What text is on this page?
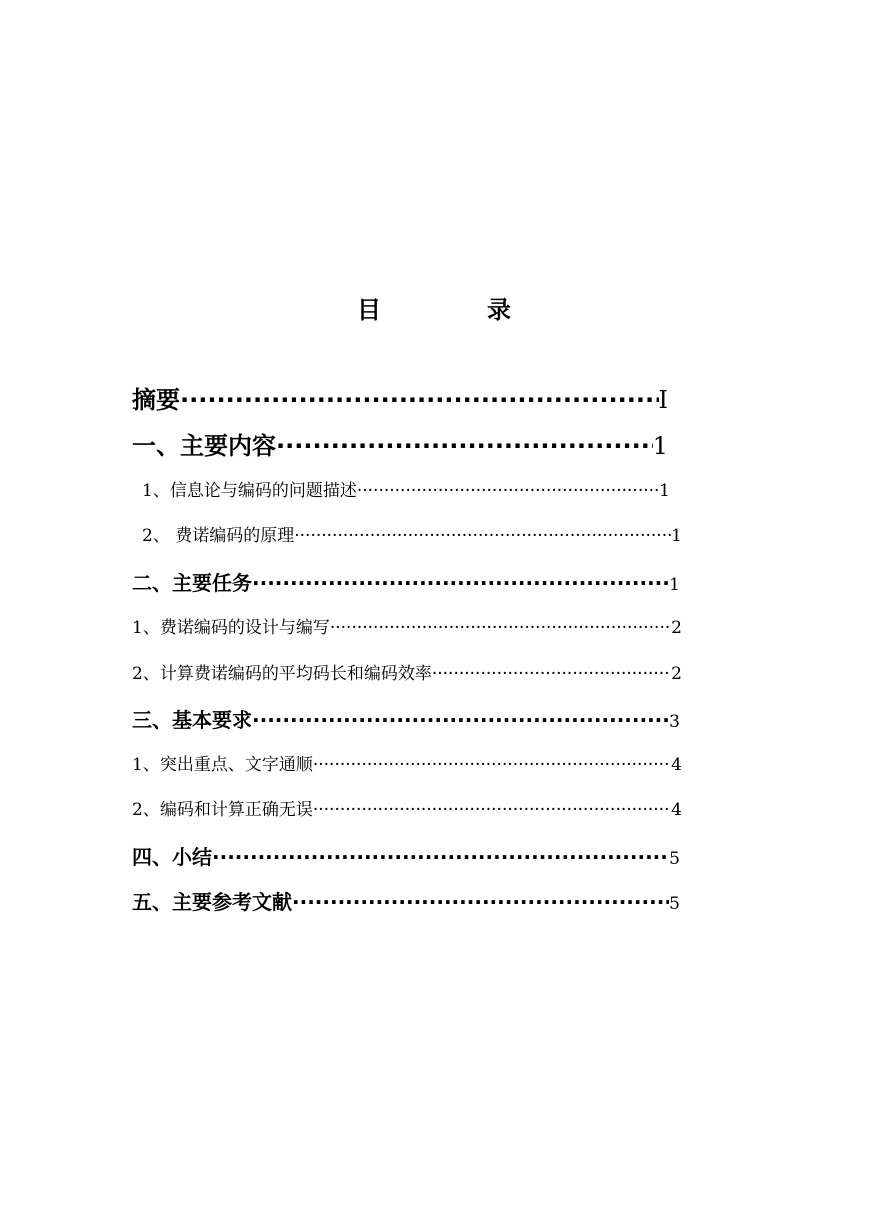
目	录
摘要 ·····	Ⅰ
一、主要内容 ·····	1
1、信息论与编码的问题描述 ·····	1
2、 费诺编码的原理 ·····	1
二、主要任务 ·····	1
1、费诺编码的设计与编写 ·····	2
2、计算费诺编码的平均码长和编码效率 ·····	2
三、基本要求 ·····	3
1、突出重点、文字通顺 ·····	4
2、编码和计算正确无误 ·····	4
四、小结 ·····	5
五、主要参考文献 ·····	5
